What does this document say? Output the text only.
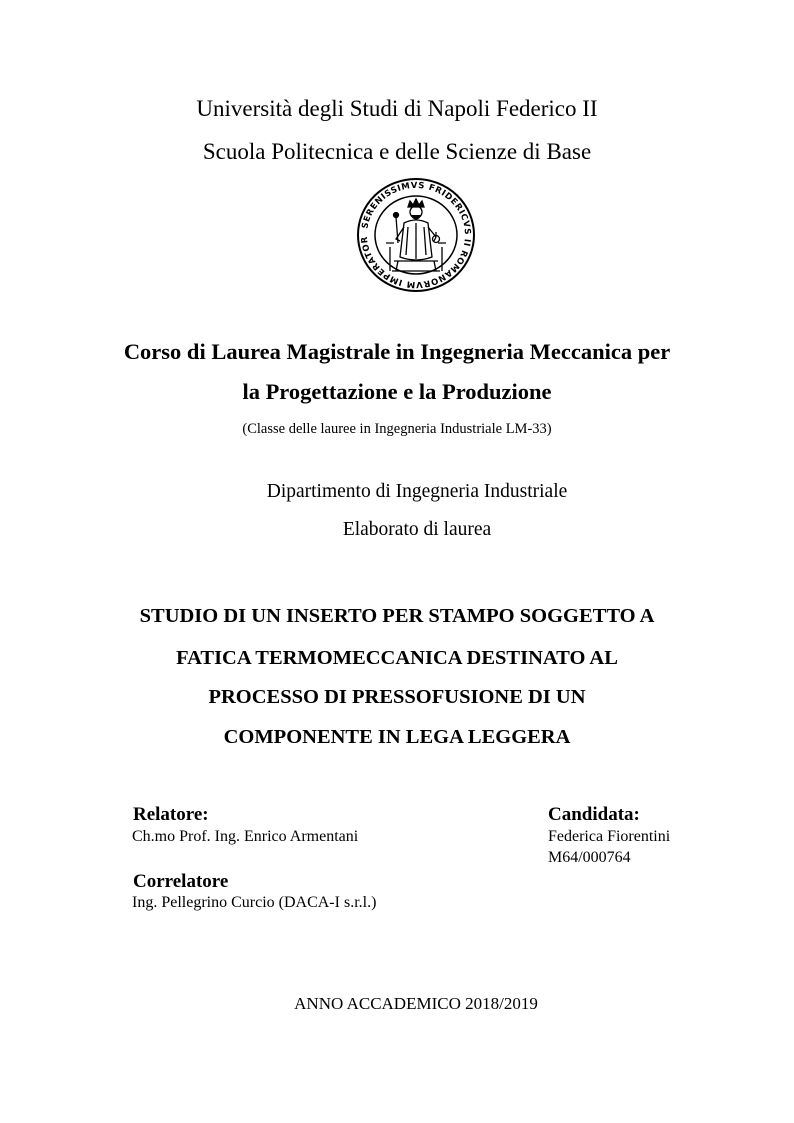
Università degli Studi di Napoli Federico II
Scuola Politecnica e delle Scienze di Base
SERENISSIMVS FRIDERICVS II ROMANORVM IMPERATOR
Corso di Laurea Magistrale in Ingegneria Meccanica per
la Progettazione e la Produzione
(Classe delle lauree in Ingegneria Industriale LM-33)
Dipartimento di Ingegneria Industriale
Elaborato di laurea
STUDIO DI UN INSERTO PER STAMPO SOGGETTO A
FATICA TERMOMECCANICA DESTINATO AL
PROCESSO DI PRESSOFUSIONE DI UN
COMPONENTE IN LEGA LEGGERA
Relatore:
Ch.mo Prof. Ing. Enrico Armentani
Correlatore
Ing. Pellegrino Curcio (DACA-I s.r.l.)
Candidata:
Federica Fiorentini
M64/000764
ANNO ACCADEMICO 2018/2019
